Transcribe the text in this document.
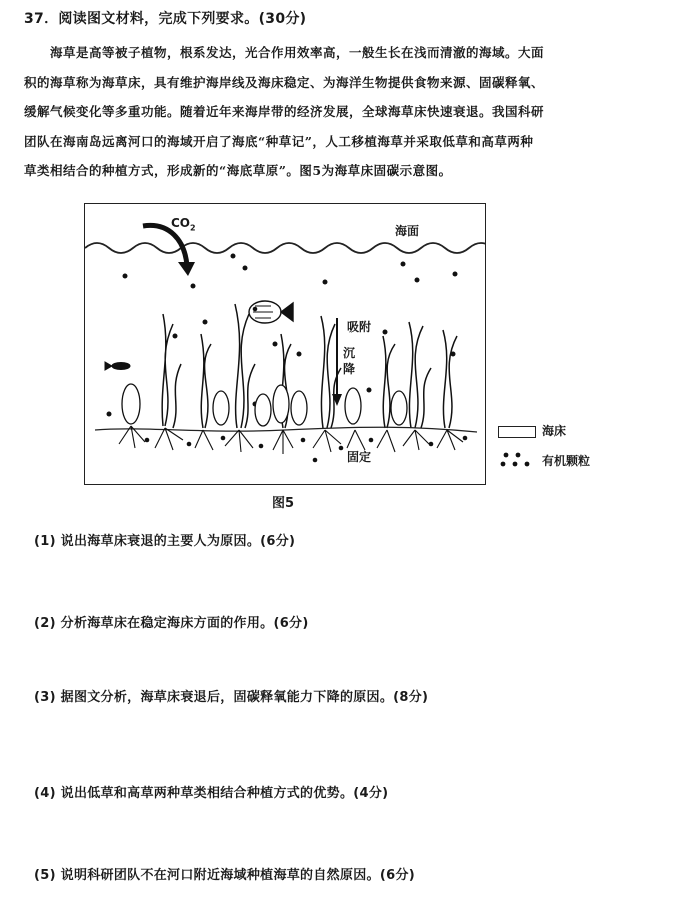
37．阅读图文材料，完成下列要求。(30分)
海草是高等被子植物，根系发达，光合作用效率高，一般生长在浅而清澈的海域。大面
积的海草称为海草床，具有维护海岸线及海床稳定、为海洋生物提供食物来源、固碳释氧、
缓解气候变化等多重功能。随着近年来海岸带的经济发展，全球海草床快速衰退。我国科研
团队在海南岛远离河口的海域开启了海底“种草记”，人工移植海草并采取低草和高草两种
草类相结合的种植方式，形成新的“海底草原”。图5为海草床固碳示意图。
$CO_2$	海面
吸附
沉
降
固定
海床
有机颗粒
图5
(1) 说出海草床衰退的主要人为原因。(6分)
(2) 分析海草床在稳定海床方面的作用。(6分)
(3) 据图文分析，海草床衰退后，固碳释氧能力下降的原因。(8分)
(4) 说出低草和高草两种草类相结合种植方式的优势。(4分)
(5) 说明科研团队不在河口附近海域种植海草的自然原因。(6分)
